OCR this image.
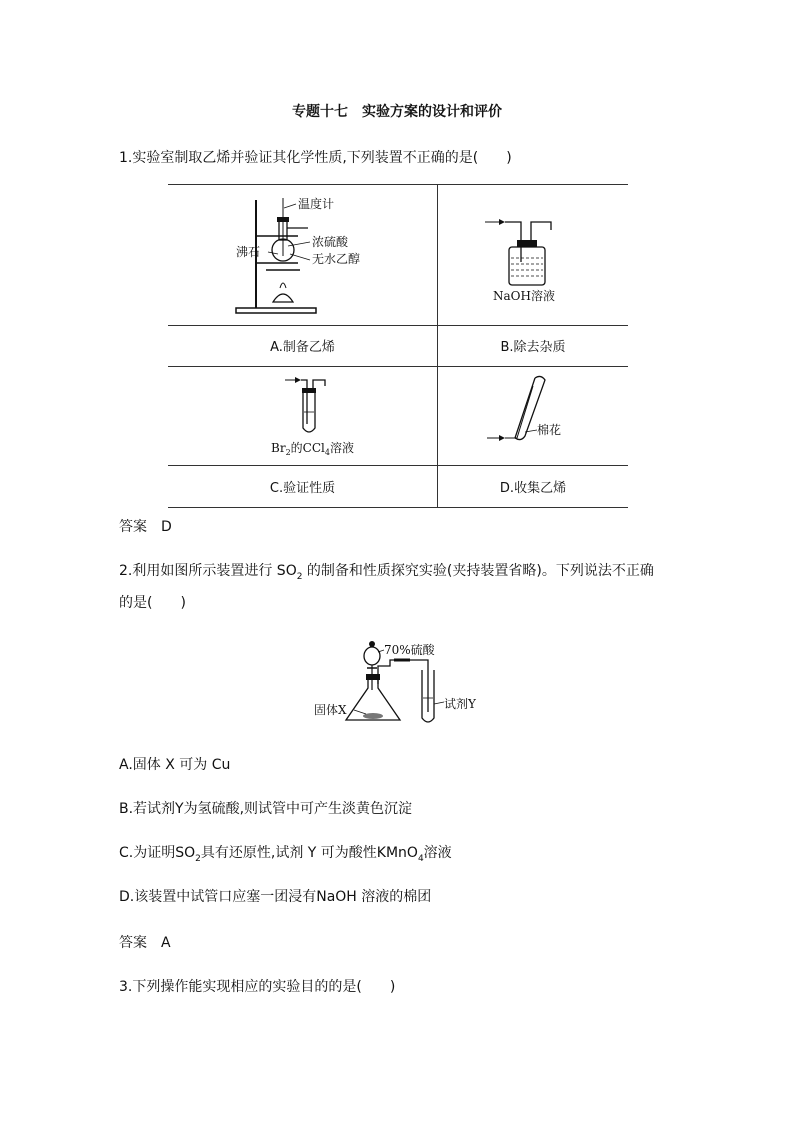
专题十七　实验方案的设计和评价
1.实验室制取乙烯并验证其化学性质,下列装置不正确的是(　　)
温度计
浓硫酸
沸石 无水乙醇	NaOH溶液

A.制备乙烯	B.除去杂质

$Br_2$的CCl$_4$溶液	棉花

C.验证性质	D.收集乙烯
答案　D
2.利用如图所示装置进行 $SO_2$ 的制备和性质探究实验(夹持装置省略)。下列说法不正确
的是(　　)
70%硫酸
固体X	试剂Y
A.固体 X 可为 Cu
B.若试剂Y为氢硫酸,则试管中可产生淡黄色沉淀
C.为证明$SO_2$具有还原性,试剂 Y 可为酸性KMnO$_4$溶液
D.该装置中试管口应塞一团浸有NaOH 溶液的棉团
答案　A
3.下列操作能实现相应的实验目的的是(　　)
